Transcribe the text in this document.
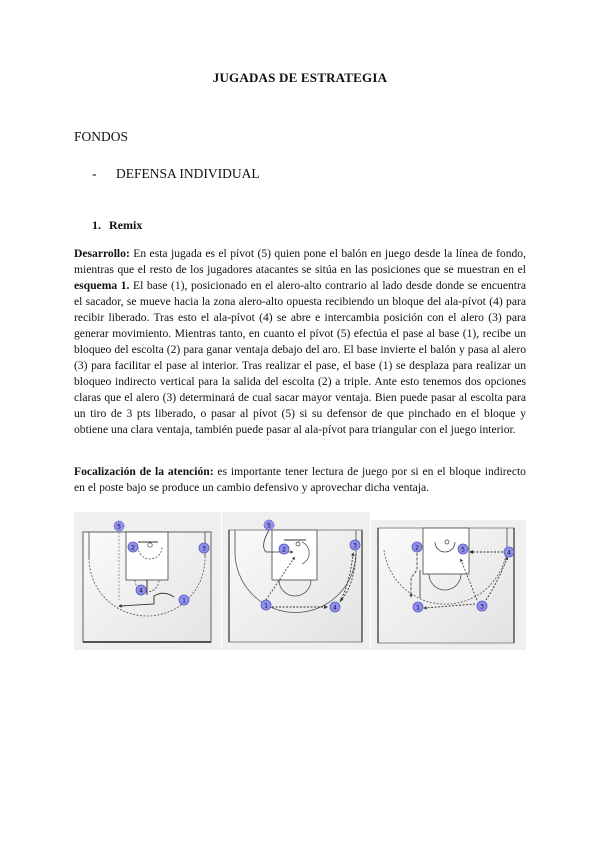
JUGADAS DE ESTRATEGIA
FONDOS
- DEFENSA INDIVIDUAL
1. Remix

Desarrollo: En esta jugada es el pívot (5) quien pone el balón en juego desde la línea de fondo, mientras que el resto de los jugadores atacantes se sitúa en las posiciones que se muestran en el esquema 1. El base (1), posicionado en el alero-alto contrario al lado desde donde se encuentra el sacador, se mueve hacia la zona alero-alto opuesta recibiendo un bloque del ala-pívot (4) para recibir liberado. Tras esto el ala-pívot (4) se abre e intercambia posición con el alero (3) para generar movimiento. Mientras tanto, en cuanto el pívot (5) efectúa el pase al base (1), recibe un bloqueo del escolta (2) para ganar ventaja debajo del aro. El base invierte el balón y pasa al alero (3) para facilitar el pase al interior. Tras realizar el pase, el base (1) se desplaza para realizar un bloqueo indirecto vertical para la salida del escolta (2) a triple. Ante esto tenemos dos opciones claras que el alero (3) determinará de cual sacar mayor ventaja. Bien puede pasar al escolta para un tiro de 3 pts liberado, o pasar al pívot (5) si su defensor de que pinchado en el bloque y obtiene una clara ventaja, también puede pasar al ala-pívot para triangular con el juego interior.

Focalización de la atención: es importante tener lectura de juego por si en el bloque indirecto en el poste bajo se produce un cambio defensivo y aprovechar dicha ventaja.

5
2	3
4
1
5
2
3
1	4
2	5	4
1	3
